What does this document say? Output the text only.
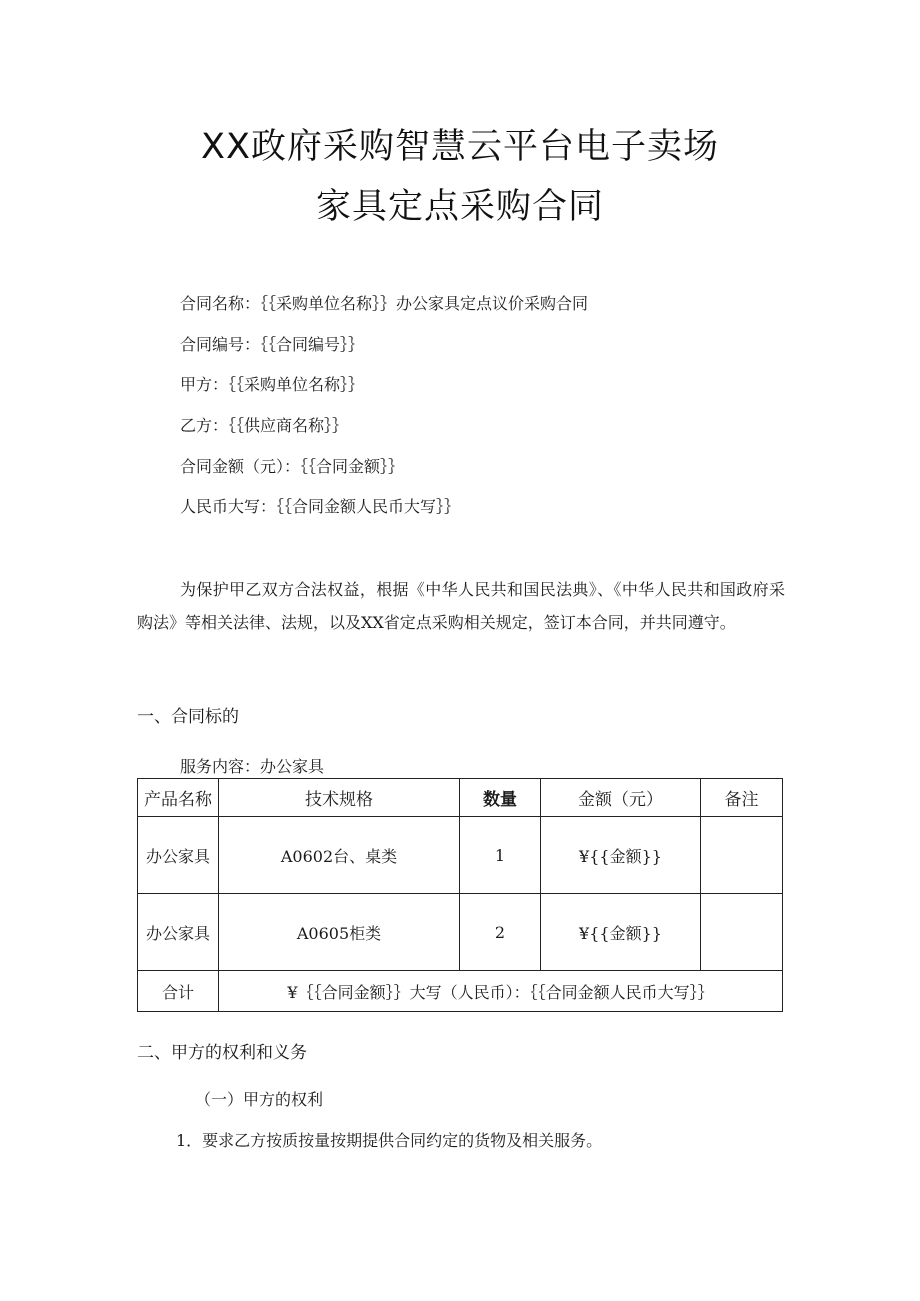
XX政府采购智慧云平台电子卖场
家具定点采购合同
合同名称：｛｛采购单位名称｝｝办公家具定点议价采购合同
合同编号：｛｛合同编号｝｝
甲方：｛｛采购单位名称｝｝
乙方：｛｛供应商名称｝｝
合同金额（元）：｛｛合同金额｝｝
人民币大写：｛｛合同金额人民币大写｝｝
为保护甲乙双方合法权益，根据《中华人民共和国民法典》、《中华人民共和国政府采购法》等相关法律、法规，以及XX省定点采购相关规定，签订本合同，并共同遵守。
一、合同标的
服务内容：办公家具
产品名称	技术规格	数量	金额（元）	备注
办公家具	A0602台、桌类	1	¥{{金额}}	
办公家具	A0605柜类	2	¥{{金额}}	
合计	¥｛｛合同金额｝｝大写（人民币）：｛｛合同金额人民币大写｝｝			
二、甲方的权利和义务
（一）甲方的权利
1．要求乙方按质按量按期提供合同约定的货物及相关服务。
